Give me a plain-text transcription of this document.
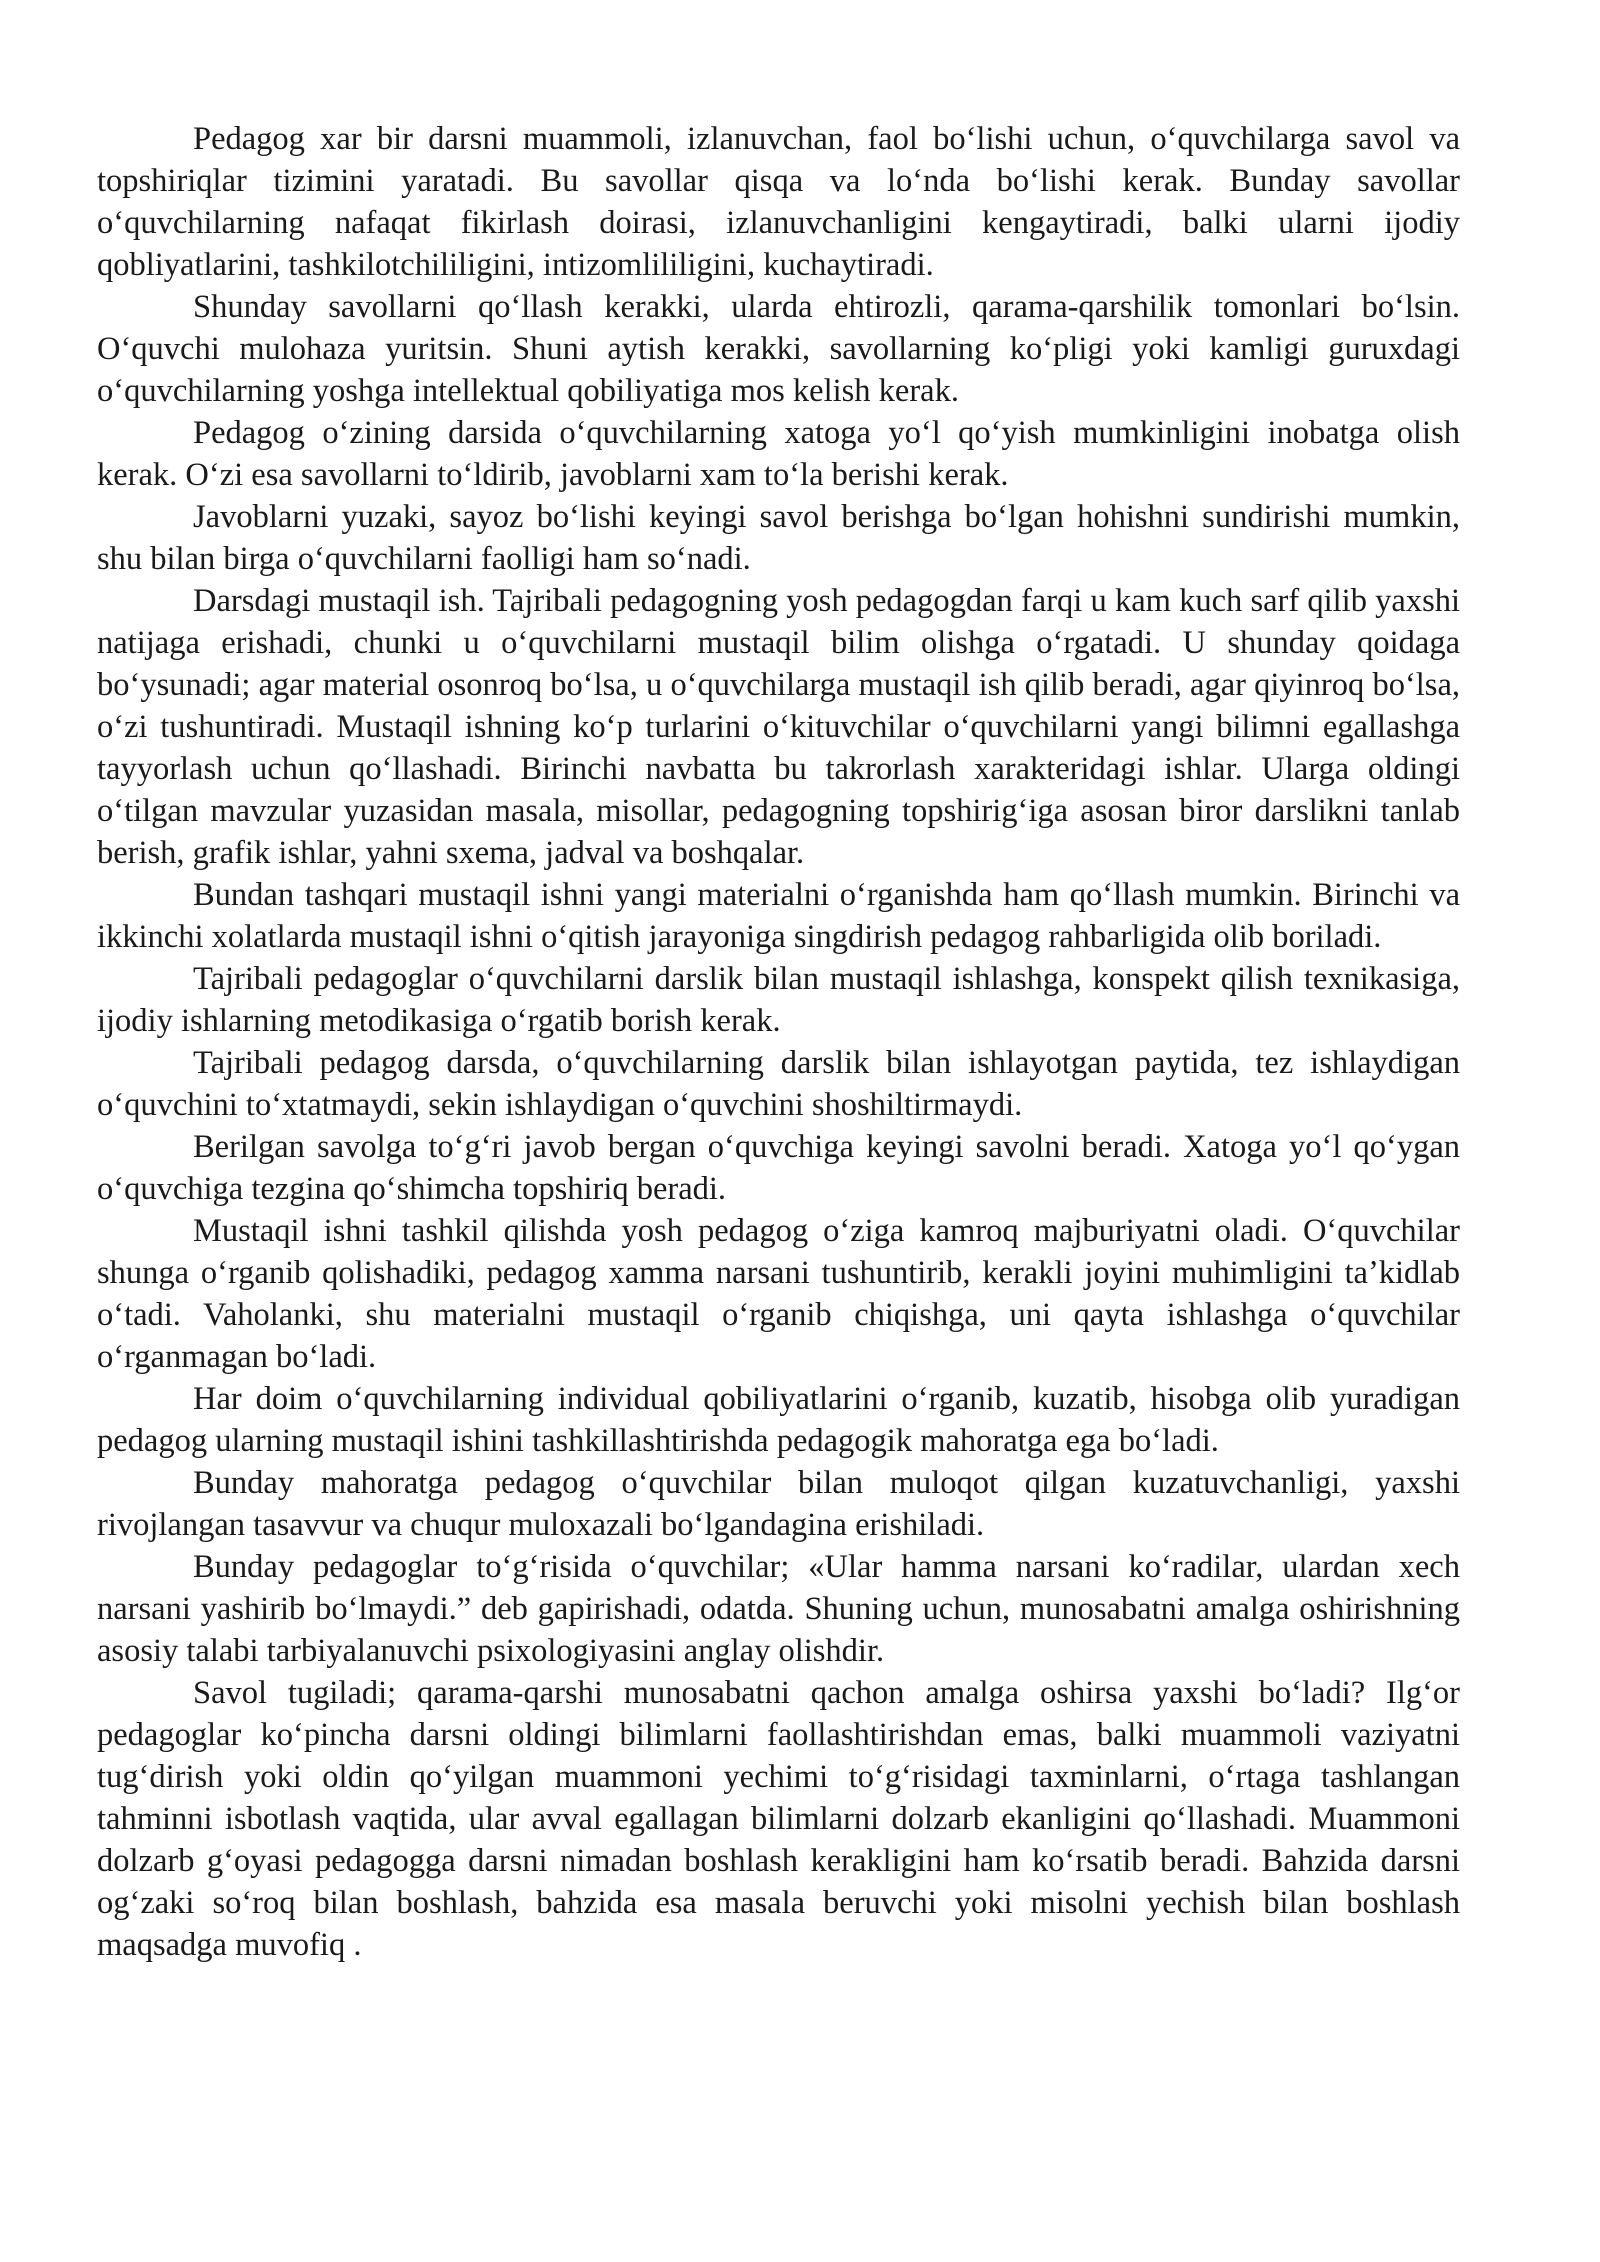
Pedagog xar bir darsni muammoli, izlanuvchan, faol boʻlishi uchun, oʻquvchilarga savol va topshiriqlar tizimini yaratadi. Bu savollar qisqa va loʻnda boʻlishi kerak. Bunday savollar oʻquvchilarning nafaqat fikirlash doirasi, izlanuvchanligini kengaytiradi, balki ularni ijodiy qobliyatlarini, tashkilotchililigini, intizomlililigini, kuchaytiradi.

Shunday savollarni qoʻllash kerakki, ularda ehtirozli, qarama-qarshilik tomonlari boʻlsin. Oʻquvchi mulohaza yuritsin. Shuni aytish kerakki, savollarning koʻpligi yoki kamligi guruxdagi oʻquvchilarning yoshga intellektual qobiliyatiga mos kelish kerak.

Pedagog oʻzining darsida oʻquvchilarning xatoga yoʻl qoʻyish mumkinligini inobatga olish kerak. Oʻzi esa savollarni toʻldirib, javoblarni xam toʻla berishi kerak.

Javoblarni yuzaki, sayoz boʻlishi keyingi savol berishga boʻlgan hohishni sundirishi mumkin, shu bilan birga oʻquvchilarni faolligi ham soʻnadi.

Darsdagi mustaqil ish. Tajribali pedagogning yosh pedagogdan farqi u kam kuch sarf qilib yaxshi natijaga erishadi, chunki u oʻquvchilarni mustaqil bilim olishga oʻrgatadi. U shunday qoidaga boʻysunadi; agar material osonroq boʻlsa, u oʻquvchilarga mustaqil ish qilib beradi, agar qiyinroq boʻlsa, oʻzi tushuntiradi. Mustaqil ishning koʻp turlarini oʻkituvchilar oʻquvchilarni yangi bilimni egallashga tayyorlash uchun qoʻllashadi. Birinchi navbatta bu takrorlash xarakteridagi ishlar. Ularga oldingi oʻtilgan mavzular yuzasidan masala, misollar, pedagogning topshirigʻiga asosan biror darslikni tanlab berish, grafik ishlar, yahni sxema, jadval va boshqalar.

Bundan tashqari mustaqil ishni yangi materialni oʻrganishda ham qoʻllash mumkin. Birinchi va ikkinchi xolatlarda mustaqil ishni oʻqitish jarayoniga singdirish pedagog rahbarligida olib boriladi.

Tajribali pedagoglar oʻquvchilarni darslik bilan mustaqil ishlashga, konspekt qilish texnikasiga, ijodiy ishlarning metodikasiga oʻrgatib borish kerak.

Tajribali pedagog darsda, oʻquvchilarning darslik bilan ishlayotgan paytida, tez ishlaydigan oʻquvchini toʻxtatmaydi, sekin ishlaydigan oʻquvchini shoshiltirmaydi.

Berilgan savolga toʻgʻri javob bergan oʻquvchiga keyingi savolni beradi. Xatoga yoʻl qoʻygan oʻquvchiga tezgina qoʻshimcha topshiriq beradi.

Mustaqil ishni tashkil qilishda yosh pedagog oʻziga kamroq majburiyatni oladi. Oʻquvchilar shunga oʻrganib qolishadiki, pedagog xamma narsani tushuntirib, kerakli joyini muhimligini taʼkidlab oʻtadi. Vaholanki, shu materialni mustaqil oʻrganib chiqishga, uni qayta ishlashga oʻquvchilar oʻrganmagan boʻladi.

Har doim oʻquvchilarning individual qobiliyatlarini oʻrganib, kuzatib, hisobga olib yuradigan pedagog ularning mustaqil ishini tashkillashtirishda pedagogik mahoratga ega boʻladi.

Bunday mahoratga pedagog oʻquvchilar bilan muloqot qilgan kuzatuvchanligi, yaxshi rivojlangan tasavvur va chuqur muloxazali boʻlgandagina erishiladi.

Bunday pedagoglar toʻgʻrisida oʻquvchilar; «Ular hamma narsani koʻradilar, ulardan xech narsani yashirib boʻlmaydi.” deb gapirishadi, odatda. Shuning uchun, munosabatni amalga oshirishning asosiy talabi tarbiyalanuvchi psixologiyasini anglay olishdir.

Savol tugiladi; qarama-qarshi munosabatni qachon amalga oshirsa yaxshi boʻladi? Ilgʻor pedagoglar koʻpincha darsni oldingi bilimlarni faollashtirishdan emas, balki muammoli vaziyatni tugʻdirish yoki oldin qoʻyilgan muammoni yechimi toʻgʻrisidagi taxminlarni, oʻrtaga tashlangan tahminni isbotlash vaqtida, ular avval egallagan bilimlarni dolzarb ekanligini qoʻllashadi. Muammoni dolzarb gʻoyasi pedagogga darsni nimadan boshlash kerakligini ham koʻrsatib beradi. Bahzida darsni ogʻzaki soʻroq bilan boshlash, bahzida esa masala beruvchi yoki misolni yechish bilan boshlash maqsadga muvofiq .
